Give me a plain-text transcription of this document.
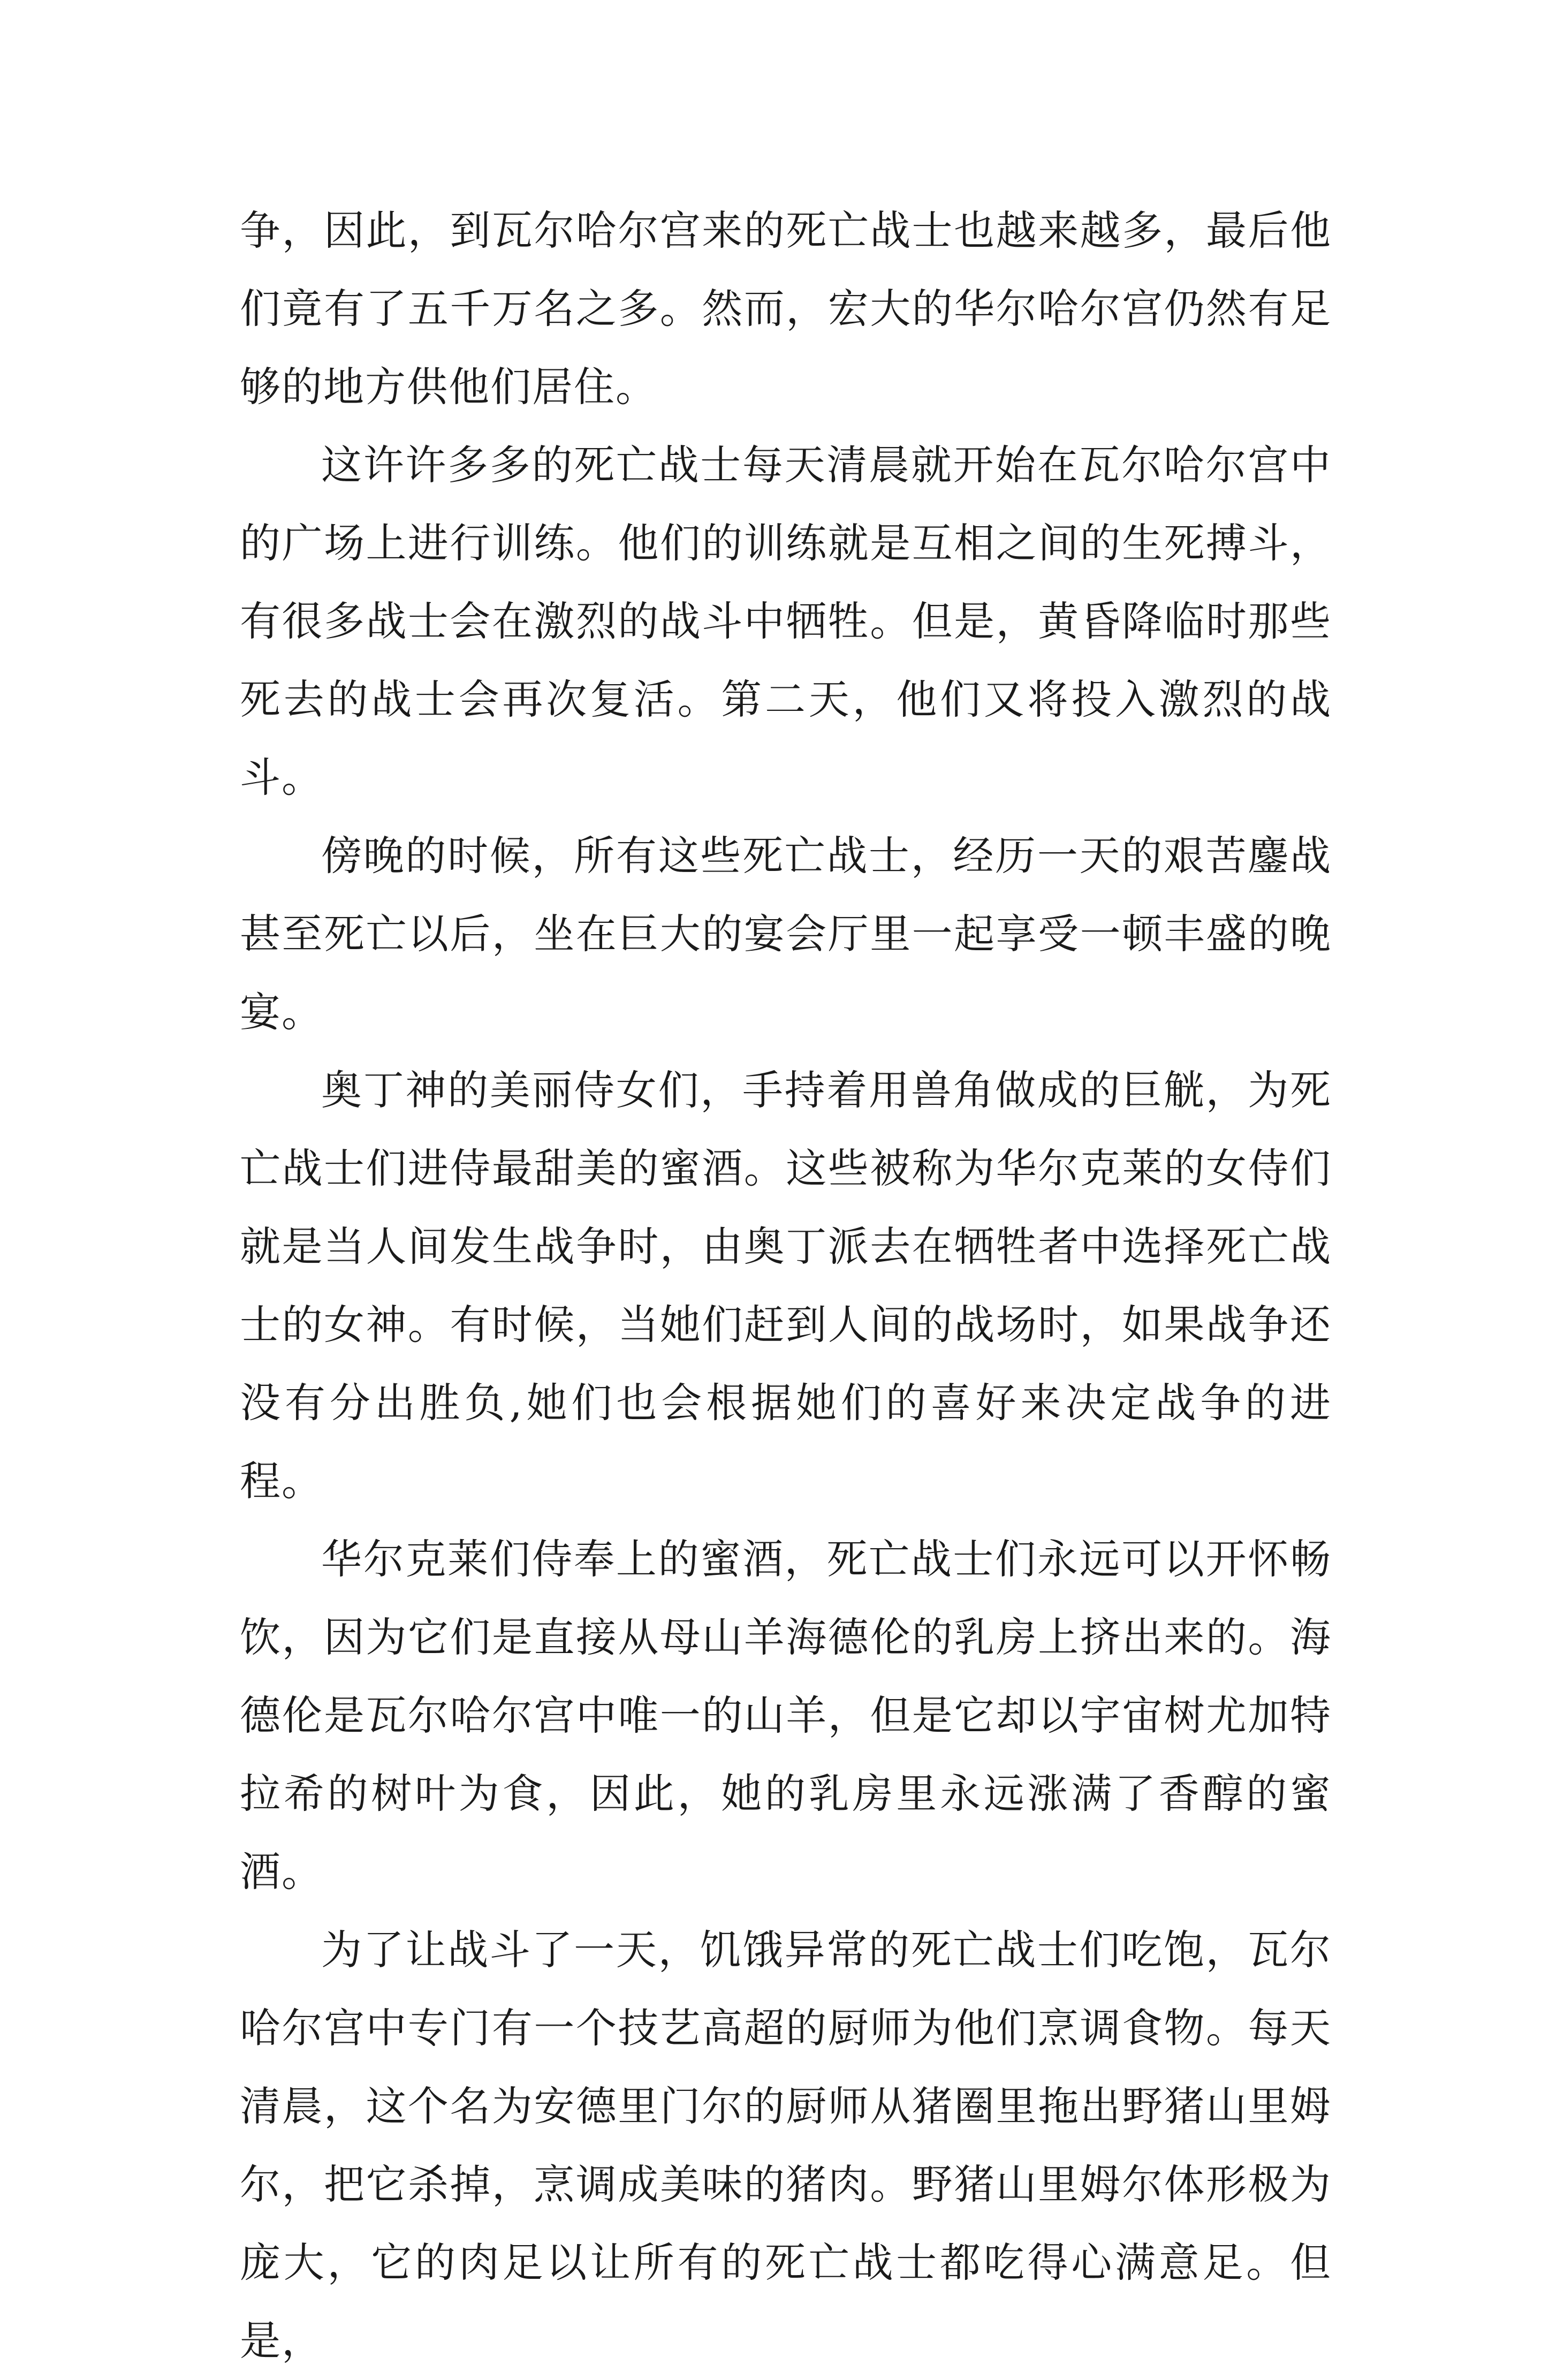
争，因此，到瓦尔哈尔宫来的死亡战士也越来越多，最后他们竟有了五千万名之多。然而，宏大的华尔哈尔宫仍然有足够的地方供他们居住。

这许许多多的死亡战士每天清晨就开始在瓦尔哈尔宫中的广场上进行训练。他们的训练就是互相之间的生死搏斗，有很多战士会在激烈的战斗中牺牲。但是，黄昏降临时那些死去的战士会再次复活。第二天，他们又将投入激烈的战斗。

傍晚的时候，所有这些死亡战士，经历一天的艰苦鏖战甚至死亡以后，坐在巨大的宴会厅里一起享受一顿丰盛的晚宴。

奥丁神的美丽侍女们，手持着用兽角做成的巨觥，为死亡战士们进侍最甜美的蜜酒。这些被称为华尔克莱的女侍们就是当人间发生战争时，由奥丁派去在牺牲者中选择死亡战士的女神。有时候，当她们赶到人间的战场时，如果战争还没有分出胜负,她们也会根据她们的喜好来决定战争的进程。

华尔克莱们侍奉上的蜜酒，死亡战士们永远可以开怀畅饮，因为它们是直接从母山羊海德伦的乳房上挤出来的。海德伦是瓦尔哈尔宫中唯一的山羊，但是它却以宇宙树尤加特拉希的树叶为食，因此，她的乳房里永远涨满了香醇的蜜酒。

为了让战斗了一天，饥饿异常的死亡战士们吃饱，瓦尔哈尔宫中专门有一个技艺高超的厨师为他们烹调食物。每天清晨，这个名为安德里门尔的厨师从猪圈里拖出野猪山里姆尔，把它杀掉，烹调成美味的猪肉。野猪山里姆尔体形极为庞大，它的肉足以让所有的死亡战士都吃得心满意足。但是，
